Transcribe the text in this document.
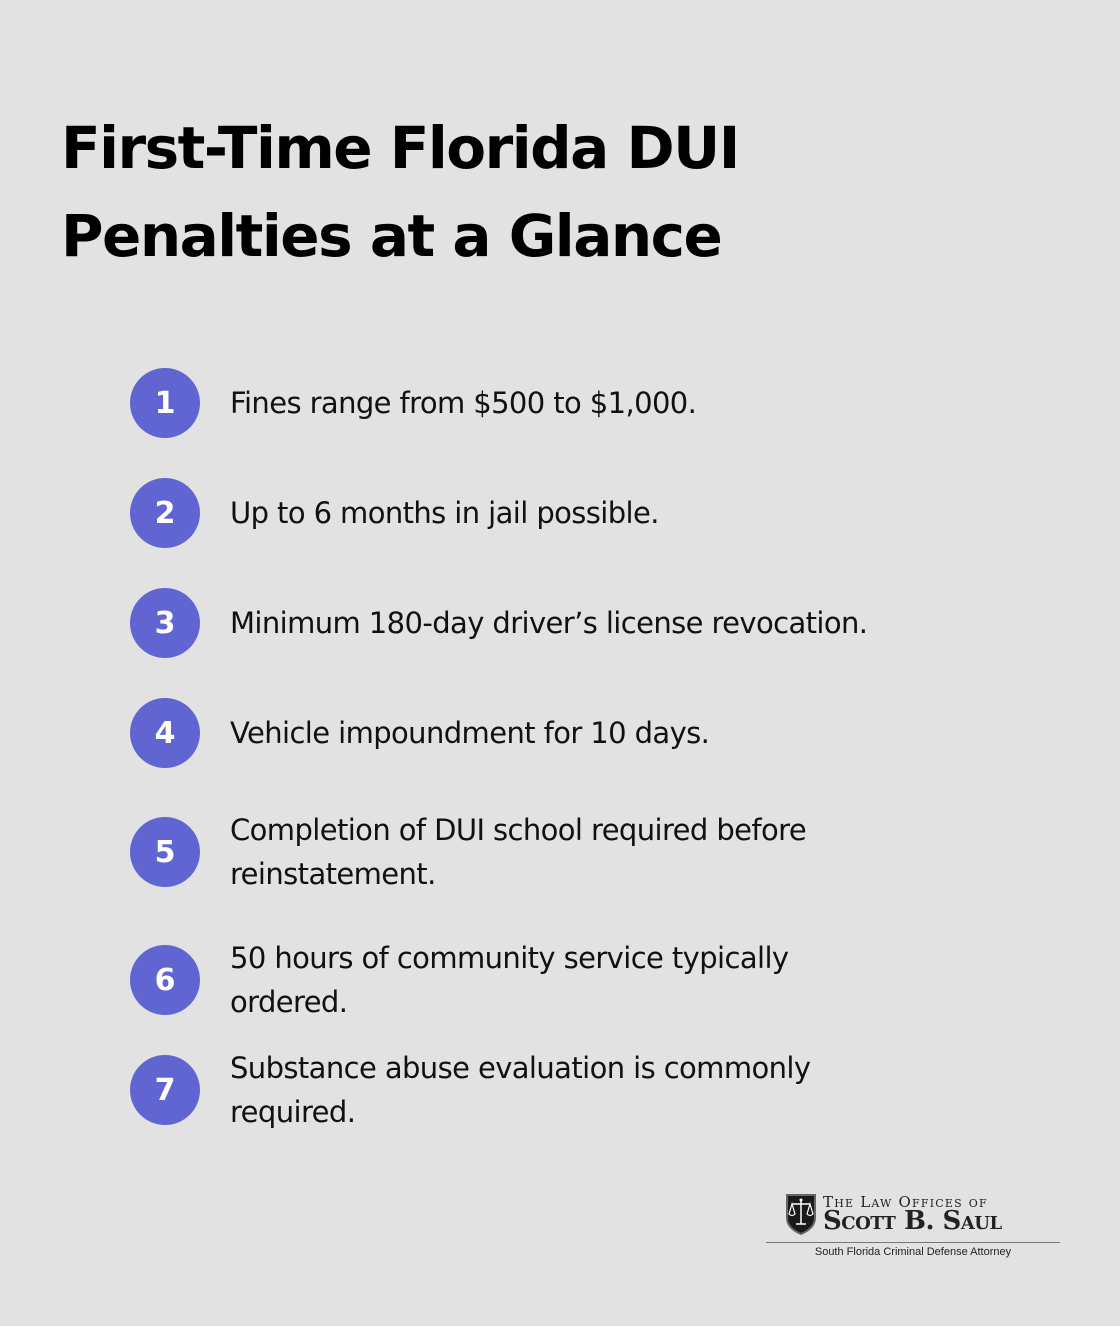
First-Time Florida DUI Penalties at a Glance
1	Fines range from $500 to $1,000.
2	Up to 6 months in jail possible.
3	Minimum 180-day driver’s license revocation.
4	Vehicle impoundment for 10 days.
5
Completion of DUI school required before reinstatement.
6
50 hours of community service typically ordered.
7
Substance abuse evaluation is commonly required.
The Law Offices of
Scott B. Saul
South Florida Criminal Defense Attorney
